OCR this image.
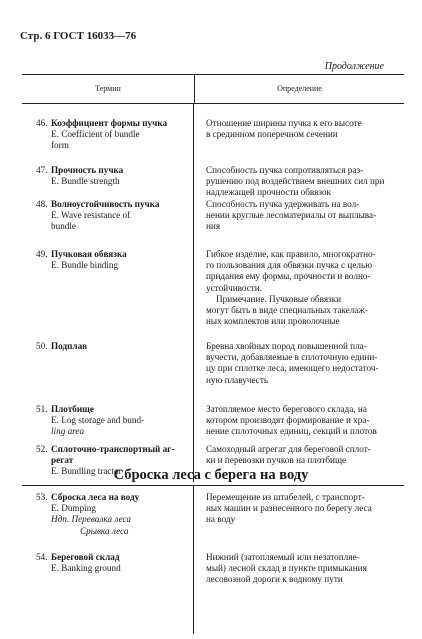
Стр. 6 ГОСТ 16033—76
Продолжение
Термин	Определение
46. Коэффициент формы пучка
E. Coefficient of bundle
form
Отношение ширины пучка к его высоте
в срединном поперечном сечении
47. Прочность пучка
E. Bundle strength
Способность пучка сопротивляться раз-
рушению под воздействием внешних сил при
надлежащей прочности обвязок
48. Волноустойчивость пучка
E. Wave resistance of
bundle
Способность пучка удерживать на вол-
нении круглые лесоматериалы от выплыва-
ния
49. Пучковая обвязка
E. Bundle binding
Гибкое изделие, как правило, многократно-
го пользования для обвязки пучка с целью
придания ему формы, прочности и волно-
устойчивости.
Примечание. Пучковые обвязки
могут быть в виде специальных такелаж-
ных комплектов или проволочные
50. Подплав	Бревна хвойных пород повышенной пла-
вучести, добавляемые в сплоточную едини-
цу при сплотке леса, имеющего недостаточ-
ную плавучесть
51. Плотбище
E. Log storage and bund-
ling area
Затопляемое место берегового склада, на
котором производят формирование и хра-
нение сплоточных единиц, секций и плотов
52. Сплоточно-транспортный аг-
регат
E. Bundling tractor
Самоходный агрегат для береговой сплот-
ки и перевозки пучков на плотбище
Сброска леса с берега на воду
53. Сброска леса на воду
E. Dumping
Ндп. Перевалка леса
Срывка леса
Перемещение из штабелей, с транспорт-
ных машин и разнесенного по берегу леса
на воду
54. Береговой склад
E. Banking ground
Нижний (затопляемый или незатопляе-
мый) лесной склад в пункте примыкания
лесовозной дороги к водному пути
